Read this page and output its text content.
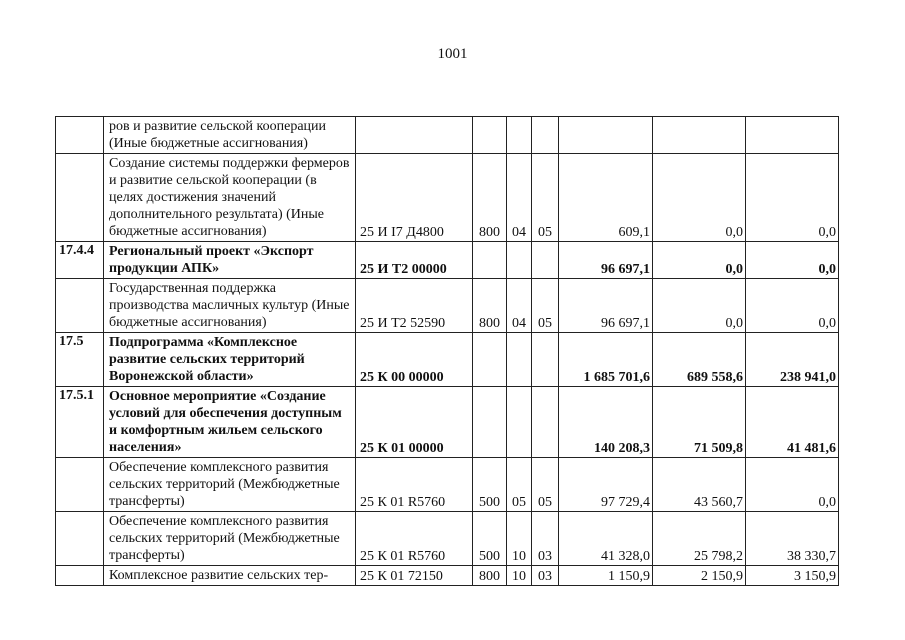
1001
	ров и развитие сельской кооперации (Иные бюджетные ассигнования)							
	Создание системы поддержки фермеров и развитие сельской кооперации (в целях достижения значений дополнительного результата) (Иные бюджетные ассигнования)	25 И I7 Д4800	800	04	05	609,1	0,0	0,0
17.4.4	Региональный проект «Экспорт продукции АПК»	25 И Т2 00000				96 697,1	0,0	0,0
	Государственная поддержка производства масличных культур (Иные бюджетные ассигнования)	25 И Т2 52590	800	04	05	96 697,1	0,0	0,0
17.5	Подпрограмма «Комплексное развитие сельских территорий Воронежской области»	25 К 00 00000				1 685 701,6	689 558,6	238 941,0
17.5.1	Основное мероприятие «Создание условий для обеспечения доступным и комфортным жильем сельского населения»	25 К 01 00000				140 208,3	71 509,8	41 481,6
	Обеспечение комплексного развития сельских территорий (Межбюджетные трансферты)	25 К 01 R5760	500	05	05	97 729,4	43 560,7	0,0
	Обеспечение комплексного развития сельских территорий (Межбюджетные трансферты)	25 К 01 R5760	500	10	03	41 328,0	25 798,2	38 330,7
	Комплексное развитие сельских тер-	25 К 01 72150	800	10	03	1 150,9	2 150,9	3 150,9
